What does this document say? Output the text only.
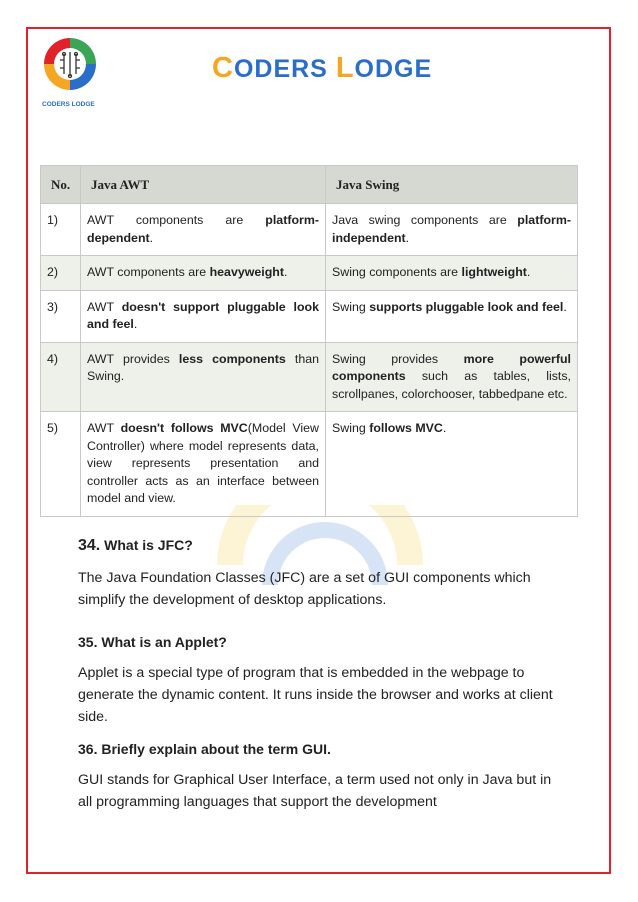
CODERS LODGE
CODERS LODGE
No.	Java AWT	Java Swing

1)	AWT components are platform-dependent.	Java swing components are platform-independent.

2)	AWT components are heavyweight.	Swing components are lightweight.

3)	AWT doesn't support pluggable look and feel.	Swing supports pluggable look and feel.

4)	AWT provides less components than Swing.	Swing provides more powerful components such as tables, lists, scrollpanes, colorchooser, tabbedpane etc.

5)	AWT doesn't follows MVC(Model View Controller) where model represents data, view represents presentation and controller acts as an interface between model and view.	Swing follows MVC.
34. What is JFC?
The Java Foundation Classes (JFC) are a set of GUI components which simplify the development of desktop applications.
35. What is an Applet?
Applet is a special type of program that is embedded in the webpage to generate the dynamic content. It runs inside the browser and works at client side.
36. Briefly explain about the term GUI.
GUI stands for Graphical User Interface, a term used not only in Java but in all programming languages that support the development
